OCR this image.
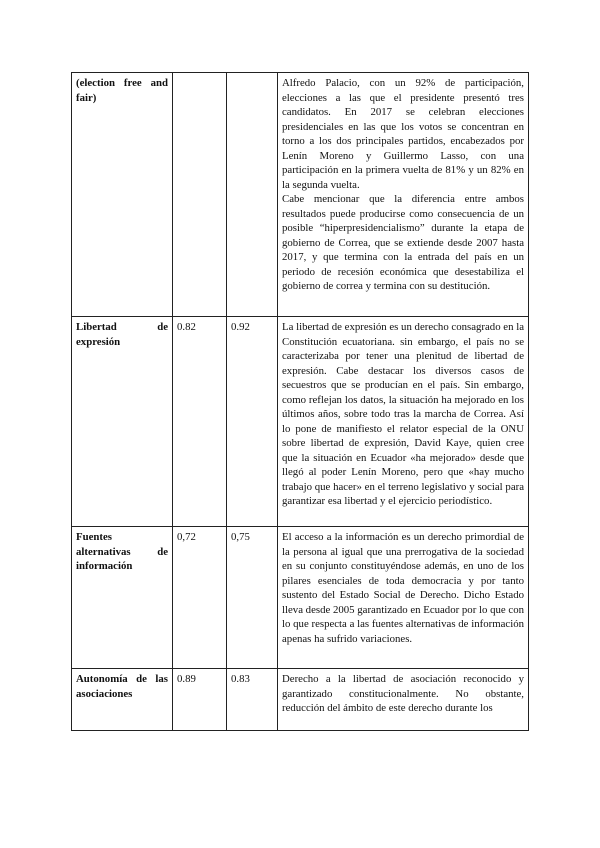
(election free and fair)			Alfredo Palacio, con un 92% de participación, elecciones a las que el presidente presentó tres candidatos. En 2017 se celebran elecciones presidenciales en las que los votos se concentran en torno a los dos principales partidos, encabezados por Lenín Moreno y Guillermo Lasso, con una participación en la primera vuelta de 81% y un 82% en la segunda vuelta.

Cabe mencionar que la diferencia entre ambos resultados puede producirse como consecuencia de un posible “hiperpresidencialismo” durante la etapa de gobierno de Correa, que se extiende desde 2007 hasta 2017, y que termina con la entrada del país en un periodo de recesión económica que desestabiliza el gobierno de correa y termina con su destitución.

Libertad de expresión	0.82	0.92	La libertad de expresión es un derecho consagrado en la Constitución ecuatoriana. sin embargo, el país no se caracterizaba por tener una plenitud de libertad de expresión. Cabe destacar los diversos casos de secuestros que se producían en el país. Sin embargo, como reflejan los datos, la situación ha mejorado en los últimos años, sobre todo tras la marcha de Correa. Así lo pone de manifiesto el relator especial de la ONU sobre libertad de expresión, David Kaye, quien cree que la situación en Ecuador «ha mejorado» desde que llegó al poder Lenín Moreno, pero que «hay mucho trabajo que hacer» en el terreno legislativo y social para garantizar esa libertad y el ejercicio periodístico.

Fuentes alternativas de información	0,72	0,75	El acceso a la información es un derecho primordial de la persona al igual que una prerrogativa de la sociedad en su conjunto constituyéndose además, en uno de los pilares esenciales de toda democracia y por tanto sustento del Estado Social de Derecho. Dicho Estado lleva desde 2005 garantizado en Ecuador por lo que con lo que respecta a las fuentes alternativas de información apenas ha sufrido variaciones.

Autonomía de las asociaciones	0.89	0.83	Derecho a la libertad de asociación reconocido y garantizado constitucionalmente. No obstante, reducción del ámbito de este derecho durante los
